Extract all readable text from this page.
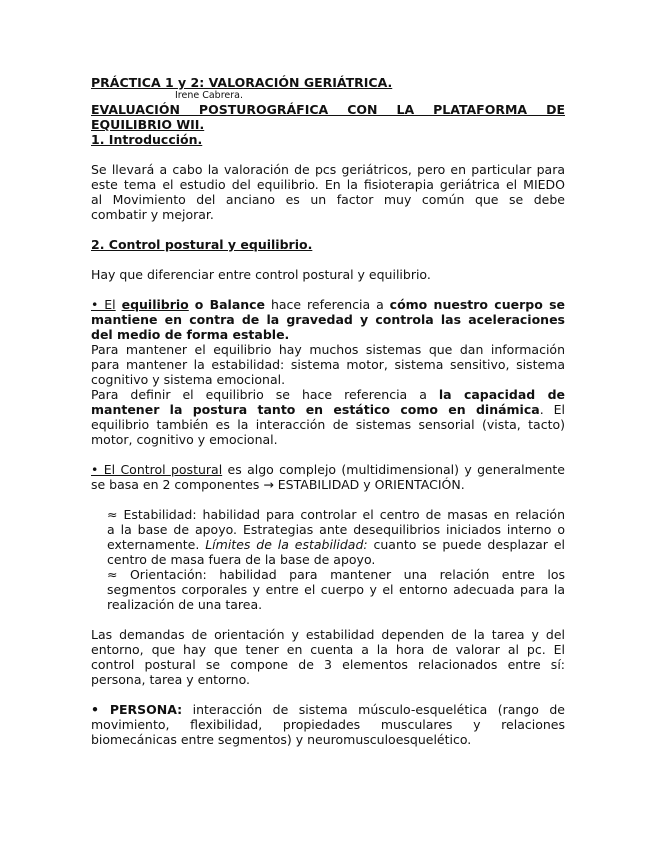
PRÁCTICA 1 y 2: VALORACIÓN GERIÁTRICA.
Irene Cabrera.
EVALUACIÓN POSTUROGRÁFICA CON LA PLATAFORMA DE
EQUILIBRIO WII.
1. Introducción.
Se llevará a cabo la valoración de pcs geriátricos, pero en particular para
este tema el estudio del equilibrio. En la fisioterapia geriátrica el MIEDO
al Movimiento del anciano es un factor muy común que se debe
combatir y mejorar.
2. Control postural y equilibrio.
Hay que diferenciar entre control postural y equilibrio.
• El equilibrio o Balance hace referencia a cómo nuestro cuerpo se
mantiene en contra de la gravedad y controla las aceleraciones
del medio de forma estable.
Para mantener el equilibrio hay muchos sistemas que dan información
para mantener la estabilidad: sistema motor, sistema sensitivo, sistema
cognitivo y sistema emocional.
Para definir el equilibrio se hace referencia a la capacidad de
mantener la postura tanto en estático como en dinámica. El
equilibrio también es la interacción de sistemas sensorial (vista, tacto)
motor, cognitivo y emocional.
• El Control postural es algo complejo (multidimensional) y generalmente
se basa en 2 componentes → ESTABILIDAD y ORIENTACIÓN.
≈ Estabilidad: habilidad para controlar el centro de masas en relación
a la base de apoyo. Estrategias ante desequilibrios iniciados interno o
externamente. Límites de la estabilidad: cuanto se puede desplazar el
centro de masa fuera de la base de apoyo.
≈ Orientación: habilidad para mantener una relación entre los
segmentos corporales y entre el cuerpo y el entorno adecuada para la
realización de una tarea.
Las demandas de orientación y estabilidad dependen de la tarea y del
entorno, que hay que tener en cuenta a la hora de valorar al pc. El
control postural se compone de 3 elementos relacionados entre sí:
persona, tarea y entorno.
• PERSONA: interacción de sistema músculo-esquelética (rango de
movimiento, flexibilidad, propiedades musculares y relaciones
biomecánicas entre segmentos) y neuromusculoesquelético.
